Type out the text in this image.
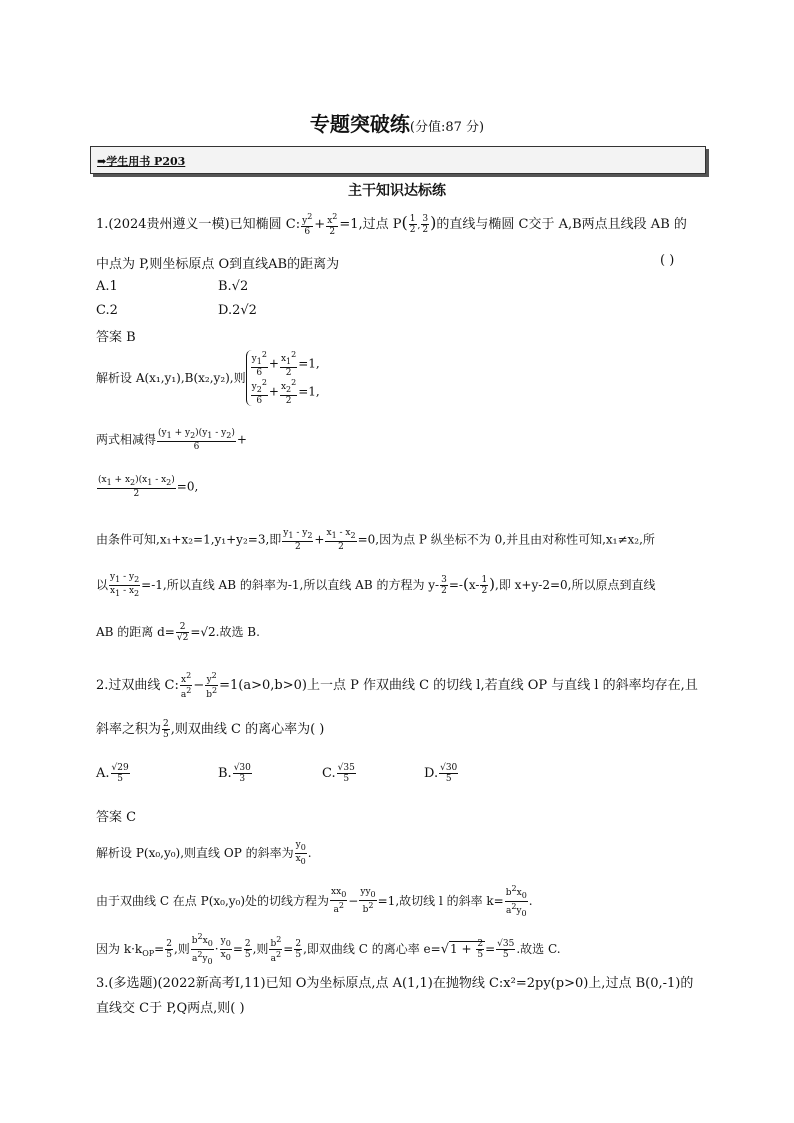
专题突破练(分值:87 分)
➡学生用书 P203
主干知识达标练
1.(2024贵州遵义一模)已知椭圆 C: $\frac{y^2}{6} + \frac{x^2}{2} =1$,过点 $P( \frac{1}{2}$ , $\frac{3}{2}$ )的直线与椭圆 C交于 A,B两点且线段 AB 的
中点为 P,则坐标原点 O到直线AB的距离为	( )
A.1	B.√2
C.2	D.2√2
答案 B
解析设 A(x₁,y₁),B(x₂,y₂),则
$\frac{y_1^2}{6} + \frac{x_1^2}{2} =1$,
$\frac{y_2^2}{6} + \frac{x_2^2}{2} =1$,
两式相减得 $\frac{(y_1 + y_2)(y_1 - y_2)}{6}$ +
$\frac{(x_1 + x_2)(x_1 - x_2)}{2} =0$,
由条件可知,x₁+x₂=1,y₁+y₂=3,即 $\frac{y_1 - y_2}{2} + \frac{x_1 - x_2}{2} =0$,因为点 P 纵坐标不为 0,并且由对称性可知,x₁≠x₂,所
以 $\frac{y_1 - y_2}{x_1 - x_2} =-1$,所以直线 AB 的斜率为-1,所以直线 AB 的方程为 $y- \frac{3}{2} =-(x- \frac{1}{2}$ ),即 x+y-2=0,所以原点到直线
AB 的距离 $d= \frac{2}{√2} =√2$.故选 B.
2.过双曲线 C: $\frac{x^2}{a^2} - \frac{y^2}{b^2} =1(a>0,b>0)$上一点 P 作双曲线 C 的切线 l,若直线 OP 与直线 l 的斜率均存在,且
斜率之积为 $\frac{2}{5}$ ,则双曲线 C 的离心率为( )
A. $\frac{√29}{5}$	B. $\frac{√30}{3}$	C. $\frac{√35}{5}$	D. $\frac{√30}{5}$
答案 C
解析设 P(x₀,y₀),则直线 OP 的斜率为 $\frac{y_0}{x_0}$ .
由于双曲线 C 在点 P(x₀,y₀)处的切线方程为 $\frac{xx_0}{a^2} - \frac{yy_0}{b^2} =1$,故切线 l 的斜率 $k= \frac{b^2x_0}{a^2y_0}$ .
因为 $k\cdot k_{OP}= \frac{2}{5}$ ,则 $\frac{b^2x_0}{a^2y_0} \cdot \frac{y_0}{x_0} = \frac{2}{5}$ ,则 $\frac{b^2}{a^2} = \frac{2}{5}$ ,即双曲线 C 的离心率 $e=√1 + \frac{2}{5} = \frac{√35}{5}$ .故选 C.
3.(多选题)(2022新高考Ⅰ,11)已知 O为坐标原点,点 A(1,1)在抛物线 C:x²=2py(p>0)上,过点 B(0,-1)的
直线交 C于 P,Q两点,则( )
